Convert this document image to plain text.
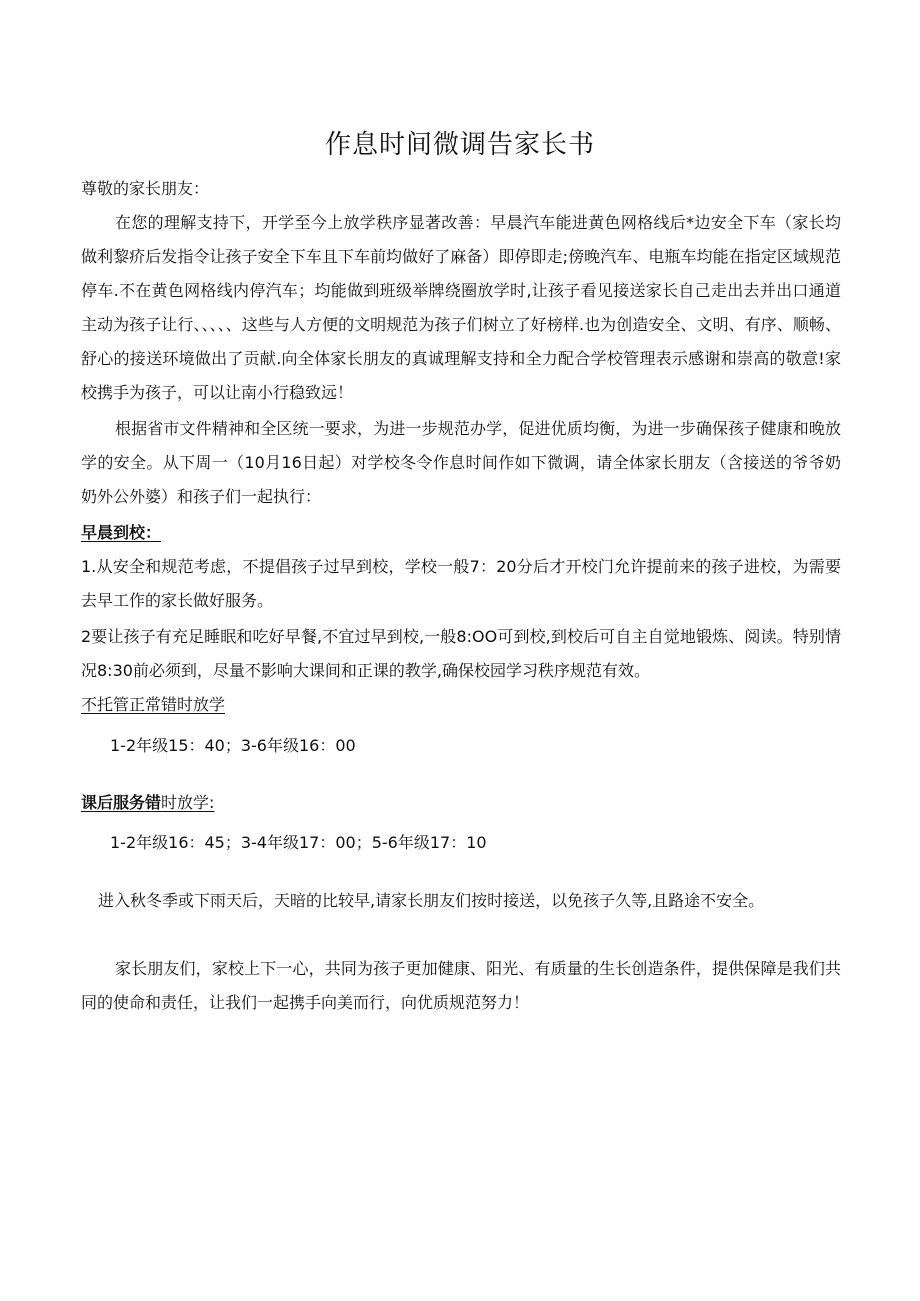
作息时间微调告家长书
尊敬的家长朋友：
在您的理解支持下，开学至今上放学秩序显著改善：早晨汽车能进黄色网格线后*边安全下车（家长均做利黎疥后发指令让孩子安全下车且下车前均做好了麻备）即停即走;傍晚汽车、电瓶车均能在指定区域规范停车.不在黄色网格线内停汽车；均能做到班级举牌绕圈放学时,让孩子看见接送家长自己走出去并出口通道主动为孩子让行、、、、、这些与人方便的文明规范为孩子们树立了好榜样.也为创造安全、文明、有序、顺畅、舒心的接送环境做出了贡献.向全体家长朋友的真诚理解支持和全力配合学校管理表示感谢和崇高的敬意!家校携手为孩子，可以让南小行稳致远！
根据省市文件精神和全区统一要求，为进一步规范办学，促进优质均衡，为进一步确保孩子健康和晚放学的安全。从下周一（10月16日起）对学校冬令作息时间作如下微调，请全体家长朋友（含接送的爷爷奶奶外公外婆）和孩子们一起执行：
早晨到校：
1.从安全和规范考虑，不提倡孩子过早到校，学校一般7：20分后才开校门允许提前来的孩子进校，为需要去早工作的家长做好服务。
2要让孩子有充足睡眠和吃好早餐,不宜过早到校,一般8:OO可到校,到校后可自主自觉地锻炼、阅读。特别情况8:30前必须到，尽量不影响大课间和正课的教学,确保校园学习秩序规范有效。
不托管正常错时放学
1-2年级15：40；3-6年级16：00
课后服务错时放学:
1-2年级16：45；3-4年级17：00；5-6年级17：10
进入秋冬季或下雨天后，天暗的比较早,请家长朋友们按时接送，以免孩子久等,且路途不安全。
家长朋友们，家校上下一心，共同为孩子更加健康、阳光、有质量的生长创造条件，提供保障是我们共同的使命和责任，让我们一起携手向美而行，向优质规范努力！
